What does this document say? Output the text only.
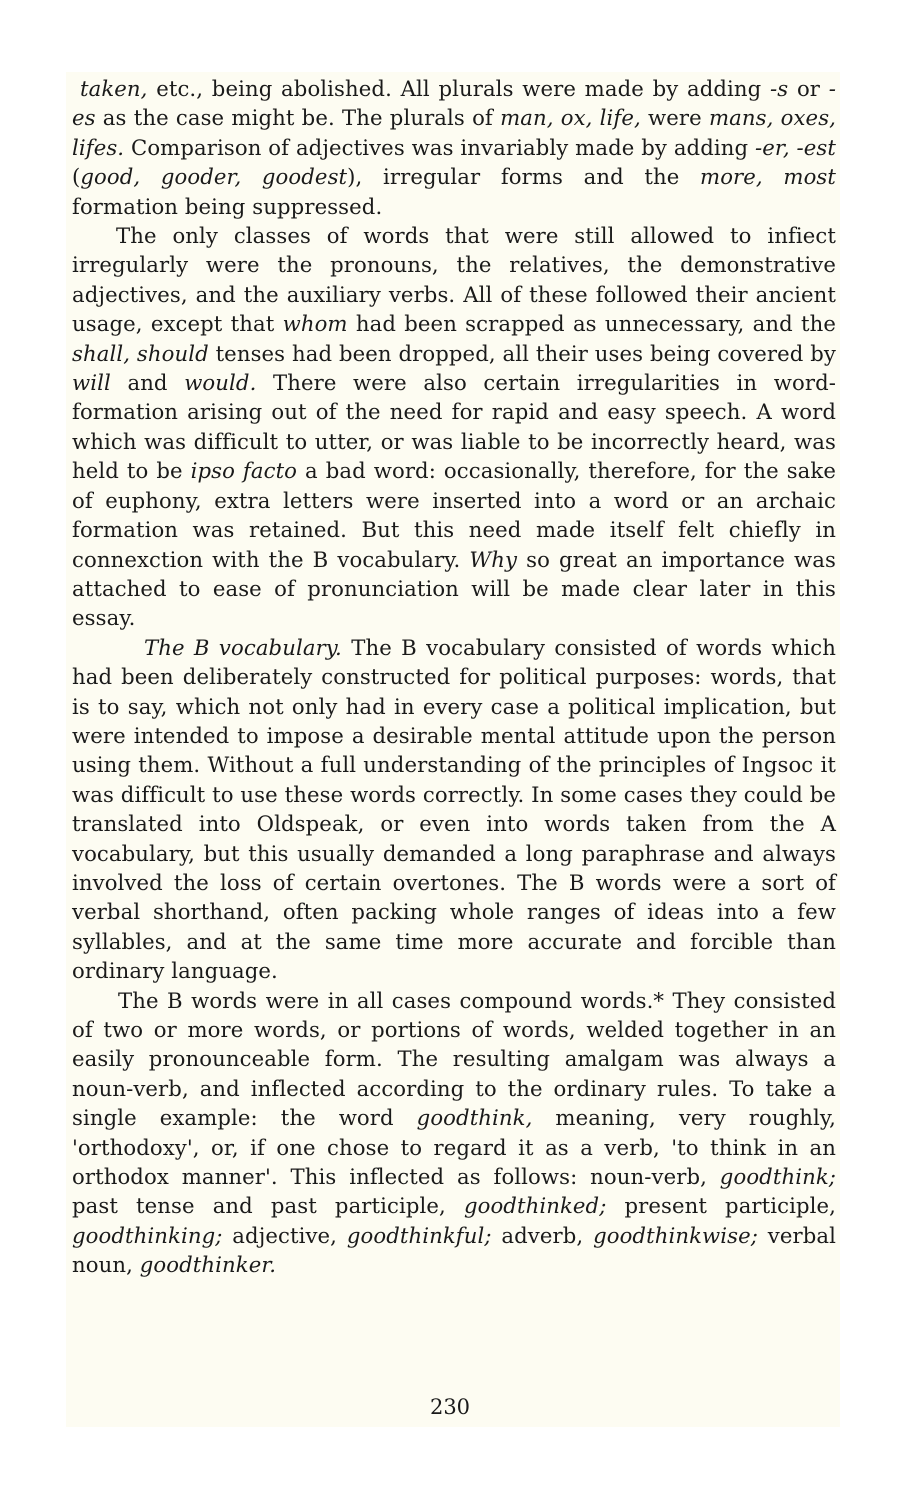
taken, etc., being abolished. All plurals were made by adding -s or -es as the case might be. The plurals of man, ox, life, were mans, oxes, lifes. Comparison of adjectives was invariably made by adding -er, -est (good, gooder, goodest), irregular forms and the more, most formation being suppressed.

The only classes of words that were still allowed to infiect irregularly were the pronouns, the relatives, the demonstrative adjectives, and the auxiliary verbs. All of these followed their ancient usage, except that whom had been scrapped as unnecessary, and the shall, should tenses had been dropped, all their uses being covered by will and would. There were also certain irregularities in word-formation arising out of the need for rapid and easy speech. A word which was difficult to utter, or was liable to be incorrectly heard, was held to be ipso facto a bad word: occasionally, therefore, for the sake of euphony, extra letters were inserted into a word or an archaic formation was retained. But this need made itself felt chiefly in connexction with the B vocabulary. Why so great an importance was attached to ease of pronunciation will be made clear later in this essay.

The B vocabulary. The B vocabulary consisted of words which had been deliberately constructed for political purposes: words, that is to say, which not only had in every case a political implication, but were intended to impose a desirable mental attitude upon the person using them. Without a full understanding of the principles of Ingsoc it was difficult to use these words correctly. In some cases they could be translated into Oldspeak, or even into words taken from the A vocabulary, but this usually demanded a long paraphrase and always involved the loss of certain overtones. The B words were a sort of verbal shorthand, often packing whole ranges of ideas into a few syllables, and at the same time more accurate and forcible than ordinary language.

The B words were in all cases compound words.* They consisted of two or more words, or portions of words, welded together in an easily pronounceable form. The resulting amalgam was always a noun-verb, and inflected according to the ordinary rules. To take a single example: the word goodthink, meaning, very roughly, 'orthodoxy', or, if one chose to regard it as a verb, 'to think in an orthodox manner'. This inflected as follows: noun-verb, goodthink; past tense and past participle, goodthinked; present participle, goodthinking; adjective, goodthinkful; adverb, goodthinkwise; verbal noun, goodthinker.

230
